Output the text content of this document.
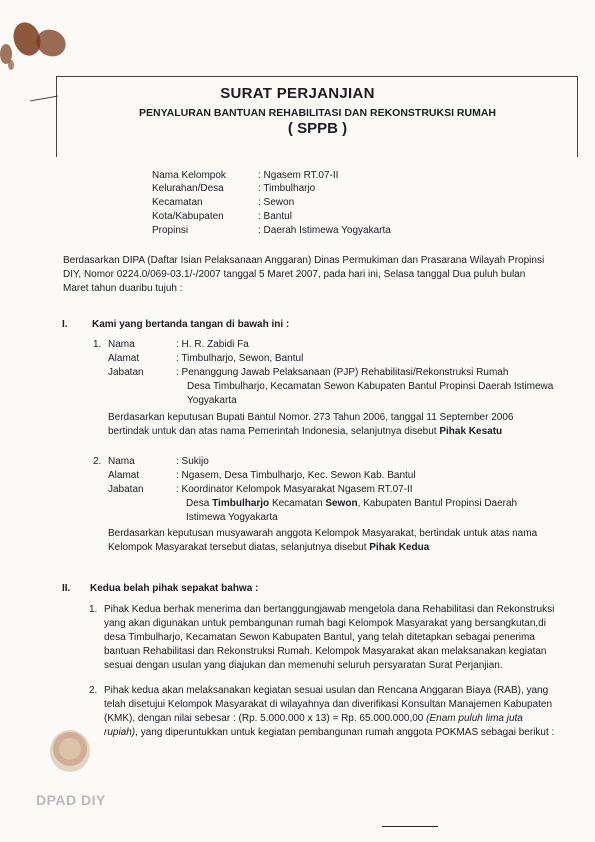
SURAT PERJANJIAN
PENYALURAN BANTUAN REHABILITASI DAN REKONSTRUKSI RUMAH
( SPPB )
Nama Kelompok	: Ngasem RT.07-II
Kelurahan/Desa	: Timbulharjo
Kecamatan	: Sewon
Kota/Kabupaten	: Bantul
Propinsi	: Daerah Istimewa Yogyakarta
Berdasarkan DIPA (Daftar Isian Pelaksanaan Anggaran) Dinas Permukiman dan Prasarana Wilayah Propinsi
DIY, Nomor 0224.0/069-03.1/-/2007 tanggal 5 Maret 2007, pada hari ini, Selasa tanggal Dua puluh bulan
Maret tahun duaribu tujuh :
I. Kami yang bertanda tangan di bawah ini :
1. Nama	: H. R. Zabidi Fa
Alamat	: Timbulharjo, Sewon, Bantul
Jabatan	: Penanggung Jawab Pelaksanaan (PJP) Rehabilitasi/Rekonstruksi Rumah
Desa Timbulharjo, Kecamatan Sewon Kabupaten Bantul Propinsi Daerah Istimewa
Yogyakarta
Berdasarkan keputusan Bupati Bantul Nomor. 273 Tahun 2006, tanggal 11 September 2006
bertindak untuk dan atas nama Pemerintah Indonesia, selanjutnya disebut Pihak Kesatu
2. Nama	: Sukijo
Alamat	: Ngasem, Desa Timbulharjo, Kec. Sewon Kab. Bantul
Jabatan	: Koordinator Kelompok Masyarakat Ngasem RT.07-II
Desa Timbulharjo Kecamatan Sewon, Kabupaten Bantul Propinsi Daerah
Istimewa Yogyakarta
Berdasarkan keputusan musyawarah anggota Kelompok Masyarakat, bertindak untuk atas nama
Kelompok Masyarakat tersebut diatas, selanjutnya disebut Pihak Kedua
II. Kedua belah pihak sepakat bahwa :
1. Pihak Kedua berhak menerima dan bertanggungjawab mengelola dana Rehabilitasi dan Rekonstruksi
yang akan digunakan untuk pembangunan rumah bagi Kelompok Masyarakat yang bersangkutan,di
desa Timbulharjo, Kecamatan Sewon Kabupaten Bantul, yang telah ditetapkan sebagai penerima
bantuan Rehabilitasi dan Rekonstruksi Rumah. Kelompok Masyarakat akan melaksanakan kegiatan
sesuai dengan usulan yang diajukan dan memenuhi seluruh persyaratan Surat Perjanjian.
2. Pihak kedua akan melaksanakan kegiatan sesuai usulan dan Rencana Anggaran Biaya (RAB), yang
telah disetujui Kelompok Masyarakat di wilayahnya dan diverifikasi Konsultan Manajemen Kabupaten
(KMK), dengan nilai sebesar : (Rp. 5.000.000 x 13) = Rp. 65.000.000,00 (Enam puluh lima juta
rupiah), yang diperuntukkan untuk kegiatan pembangunan rumah anggota POKMAS sebagai berikut :
DPAD DIY
